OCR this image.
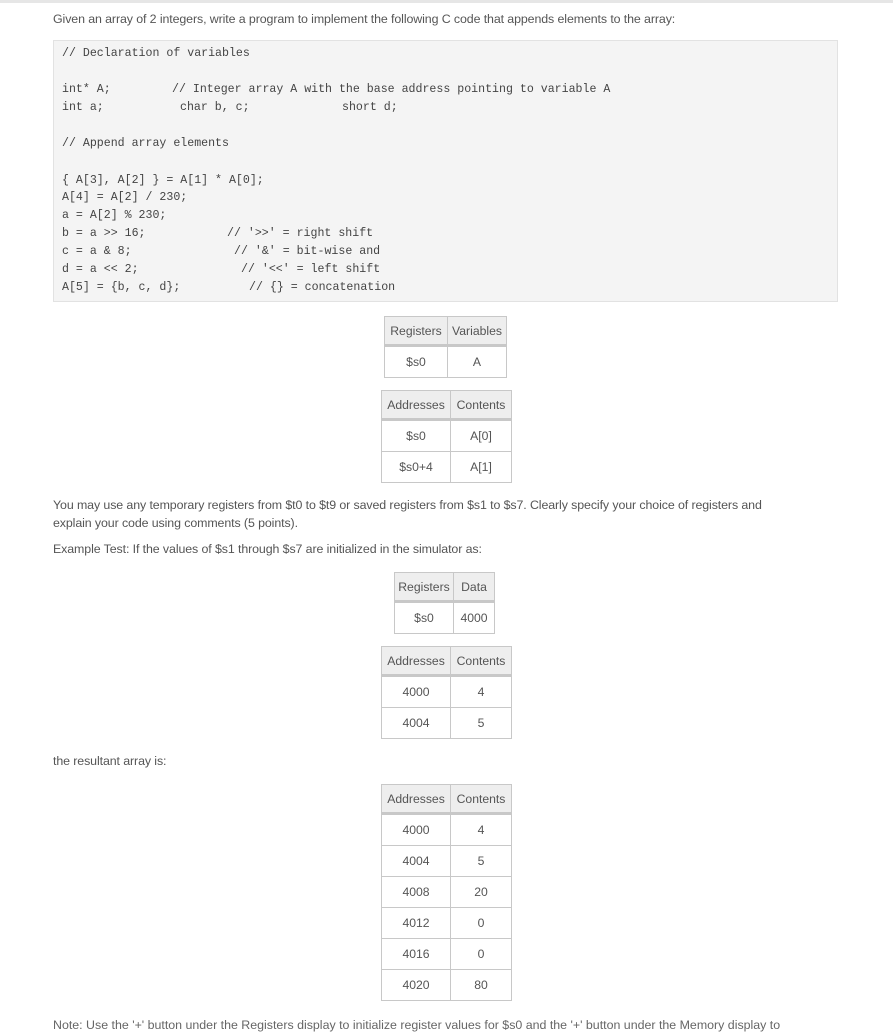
Given an array of 2 integers, write a program to implement the following C code that appends elements to the array:

// Declaration of variables
int* A;	// Integer array A with the base address pointing to variable A
int a;	char b, c;	short d;
// Append array elements
{ A[3], A[2] } = A[1] * A[0];
A[4] = A[2] / 230;
a = A[2] % 230;
b = a >> 16;	// '>>' = right shift
c = a & 8;	// '&' = bit-wise and
d = a << 2;	// '<<' = left shift
A[5] = {b, c, d};	// {} = concatenation
Registers	Variables
$s0	A
Addresses	Contents
$s0	A[0]
$s0+4	A[1]

You may use any temporary registers from $t0 to $t9 or saved registers from $s1 to $s7. Clearly specify your choice of registers and

explain your code using comments (5 points).

Example Test: If the values of $s1 through $s7 are initialized in the simulator as:

Registers	Data
$s0	4000
Addresses	Contents
4000	4
4004	5

the resultant array is:

Addresses	Contents
4000	4
4004	5
4008	20
4012	0
4016	0
4020	80
Note: Use the '+' button under the Registers display to initialize register values for $s0 and the '+' button under the Memory display to
